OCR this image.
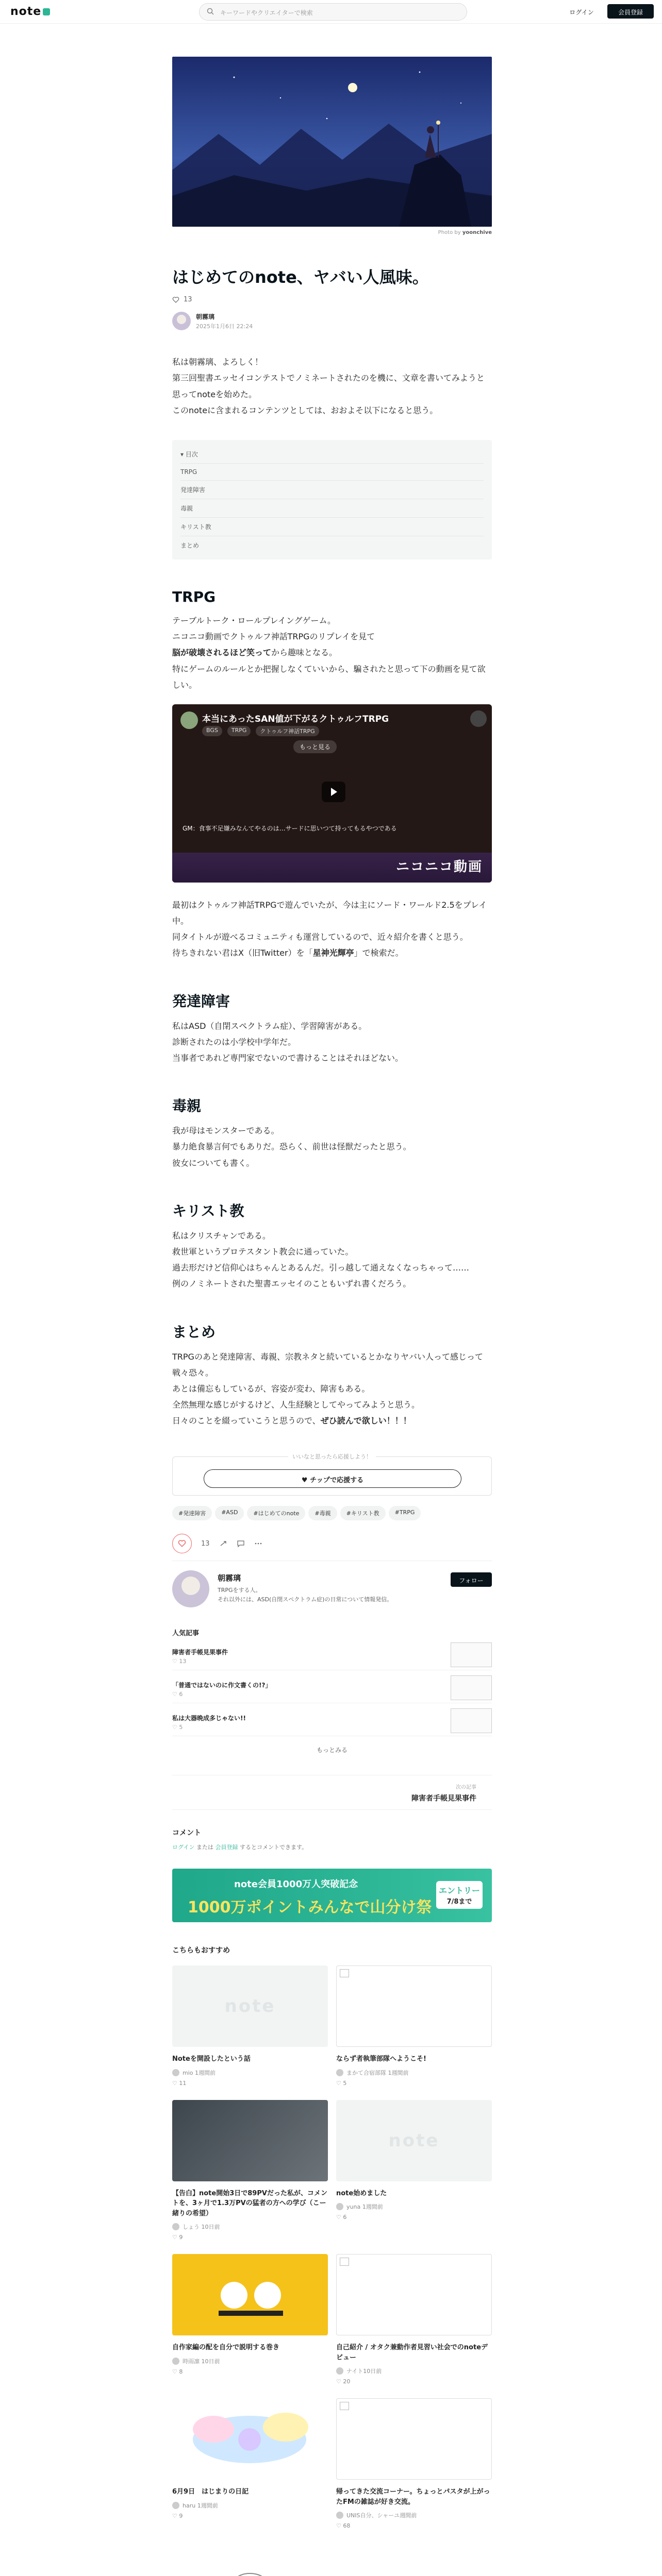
note	キーワードやクリエイターで検索	ログイン	会員登録
Photo by yoonchive
はじめてのnote、ヤバい人風味。
13
朝霧璃
2025年1月6日 22:24

私は朝霧璃、よろしく！

第三回聖書エッセイコンテストでノミネートされたのを機に、文章を書いてみようと思ってnoteを始めた。

このnoteに含まれるコンテンツとしては、おおよそ以下になると思う。

▾ 目次
TRPG
発達障害
毒親
キリスト教
まとめ
TRPG

テーブルトーク・ロールプレイングゲーム。

ニコニコ動画でクトゥルフ神話TRPGのリプレイを見て

脳が破壊されるほど笑ってから趣味となる。

特にゲームのルールとか把握しなくていいから、騙されたと思って下の動画を見て欲しい。

本当にあったSAN値が下がるクトゥルフTRPG
BGS	TRPG	クトゥルフ神話TRPG
もっと見る
GM：食事不足嫌みなんてやるのは…サードに思いつて持ってもるやつである
ニコニコ動画

最初はクトゥルフ神話TRPGで遊んでいたが、今は主にソード・ワールド2.5をプレイ中。

同タイトルが遊べるコミュニティも運営しているので、近々紹介を書くと思う。

待ちきれない君はX（旧Twitter）を「星神光輝亭」で検索だ。

発達障害

私はASD（自閉スペクトラム症）、学習障害がある。

診断されたのは小学校中学年だ。

当事者であれど専門家でないので書けることはそれほどない。

毒親

我が母はモンスターである。

暴力絶食暴言何でもありだ。恐らく、前世は怪獣だったと思う。

彼女についても書く。

キリスト教

私はクリスチャンである。

救世軍というプロテスタント教会に通っていた。

過去形だけど信仰心はちゃんとあるんだ。引っ越して通えなくなっちゃって……

例のノミネートされた聖書エッセイのこともいずれ書くだろう。

まとめ

TRPGのあと発達障害、毒親、宗教ネタと続いているとかなりヤバい人って感じって戦々恐々。

あとは備忘もしているが、容姿が変わ、障害もある。

全然無理な感じがするけど、人生経験としてやってみようと思う。

日々のことを綴っていこうと思うので、ぜひ読んで欲しい！！！

いいなと思ったら応援しよう！
♥ チップで応援する
#発達障害	#ASD	#はじめてのnote	#毒親	#キリスト教	#TRPG
13
朝霧璃
TRPGをする人。
それ以外には、ASD(自閉スペクトラム症)の日常について情報発信。
フォロー
人気記事
障害者手帳見果事件
♡ 13
「普通ではないのに作文書くの!?」
♡ 6
私は大器晩成多じゃない!!
♡ 5
もっとみる
次の記事
障害者手帳見果事件
コメント
ログイン または 会員登録 するとコメントできます。
note会員1000万人突破記念
1000万ポイントみんなで山分け祭
エントリー
7/8まで
こちらもおすすめ
note
Noteを開設したという話
mio 1週間前
♡ 11
ならず者執筆部隊へようこそ!
まかて合宿部隊 1週間前
♡ 5
【告白】note開始3日で89PVだった私が、コメントを、3ヶ月で1.3万PVの猛者の方への学び（こー緒りの希望）
しょう 10日前
♡ 9
note
note始めました
yuna 1週間前
♡ 6
自作家編の配を自分で説明する巻き
時雨凛 10日前
♡ 8
自己紹介 / オタク兼動作者見習い社会でのnoteデビュー
ナイト10日前
♡ 20
6月9日　はじまりの日記
haru 1週間前
♡ 9
帰ってきた交流コーナー。ちょっとパスタが上がったFMの雑誌が好き交流。
UNIS自分、シャーユ週間前
♡ 68
